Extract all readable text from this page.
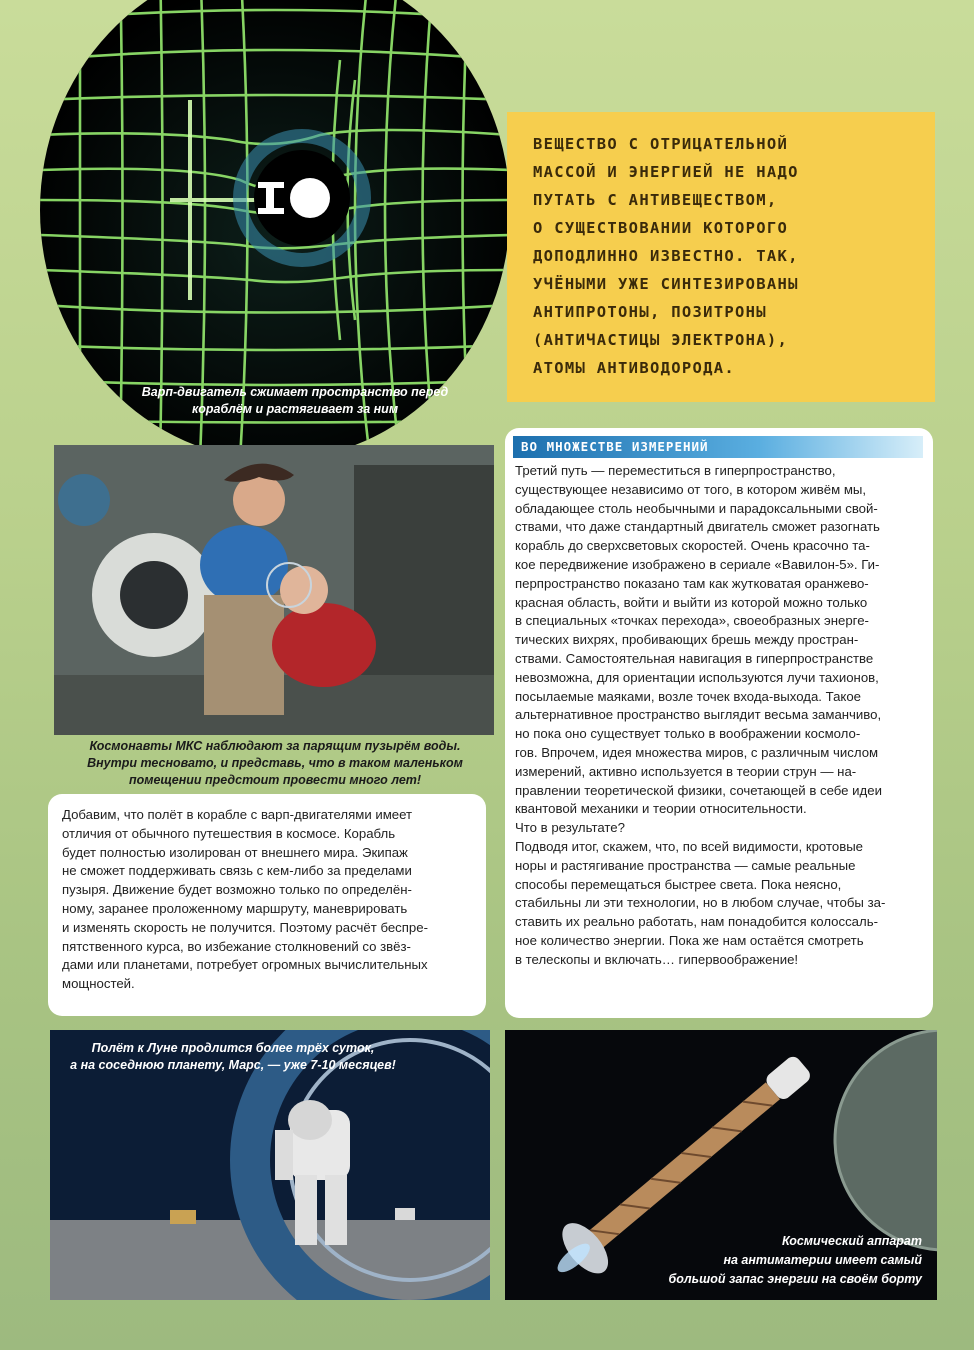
Варп-двигатель сжимает пространство перед
кораблём и растягивает за ним

ВЕЩЕСТВО С ОТРИЦАТЕЛЬНОЙ

МАССОЙ И ЭНЕРГИЕЙ НЕ НАДО

ПУТАТЬ С АНТИВЕЩЕСТВОМ,

О СУЩЕСТВОВАНИИ КОТОРОГО

ДОПОДЛИННО ИЗВЕСТНО. ТАК,

УЧЁНЫМИ УЖЕ СИНТЕЗИРОВАНЫ

АНТИПРОТОНЫ, ПОЗИТРОНЫ

(АНТИЧАСТИЦЫ ЭЛЕКТРОНА),

АТОМЫ АНТИВОДОРОДА.

Космонавты МКС наблюдают за парящим пузырём воды.
Внутри тесновато, и представь, что в таком маленьком
помещении предстоит провести много лет!

Добавим, что полёт в корабле с варп-двигателями имеет

отличия от обычного путешествия в космосе. Корабль

будет полностью изолирован от внешнего мира. Экипаж

не сможет поддерживать связь с кем-либо за пределами

пузыря. Движение будет возможно только по определён-

ному, заранее проложенному маршруту, маневрировать

и изменять скорость не получится. Поэтому расчёт беспре-

пятственного курса, во избежание столкновений со звёз-

дами или планетами, потребует огромных вычислительных

мощностей.

ВО МНОЖЕСТВЕ ИЗМЕРЕНИЙ

Третий путь — переместиться в гиперпространство,

существующее независимо от того, в котором живём мы,

обладающее столь необычными и парадоксальными свой-

ствами, что даже стандартный двигатель сможет разогнать

корабль до сверхсветовых скоростей. Очень красочно та-

кое передвижение изображено в сериале «Вавилон-5». Ги-

перпространство показано там как жутковатая оранжево-

красная область, войти и выйти из которой можно только

в специальных «точках перехода», своеобразных энерге-

тических вихрях, пробивающих брешь между простран-

ствами. Самостоятельная навигация в гиперпространстве

невозможна, для ориентации используются лучи тахионов,

посылаемые маяками, возле точек входа-выхода. Такое

альтернативное пространство выглядит весьма заманчиво,

но пока оно существует только в воображении космоло-

гов. Впрочем, идея множества миров, с различным числом

измерений, активно используется в теории струн — на-

правлении теоретической физики, сочетающей в себе идеи

квантовой механики и теории относительности.

Что в результате?

Подводя итог, скажем, что, по всей видимости, кротовые

норы и растягивание пространства — самые реальные

способы перемещаться быстрее света. Пока неясно,

стабильны ли эти технологии, но в любом случае, чтобы за-

ставить их реально работать, нам понадобится колоссаль-

ное количество энергии. Пока же нам остаётся смотреть

в телескопы и включать… гипервоображение!

Полёт к Луне продлится более трёх суток,
а на соседнюю планету, Марс, — уже 7-10 месяцев!
Космический аппарат
на антиматерии имеет самый
большой запас энергии на своём борту
